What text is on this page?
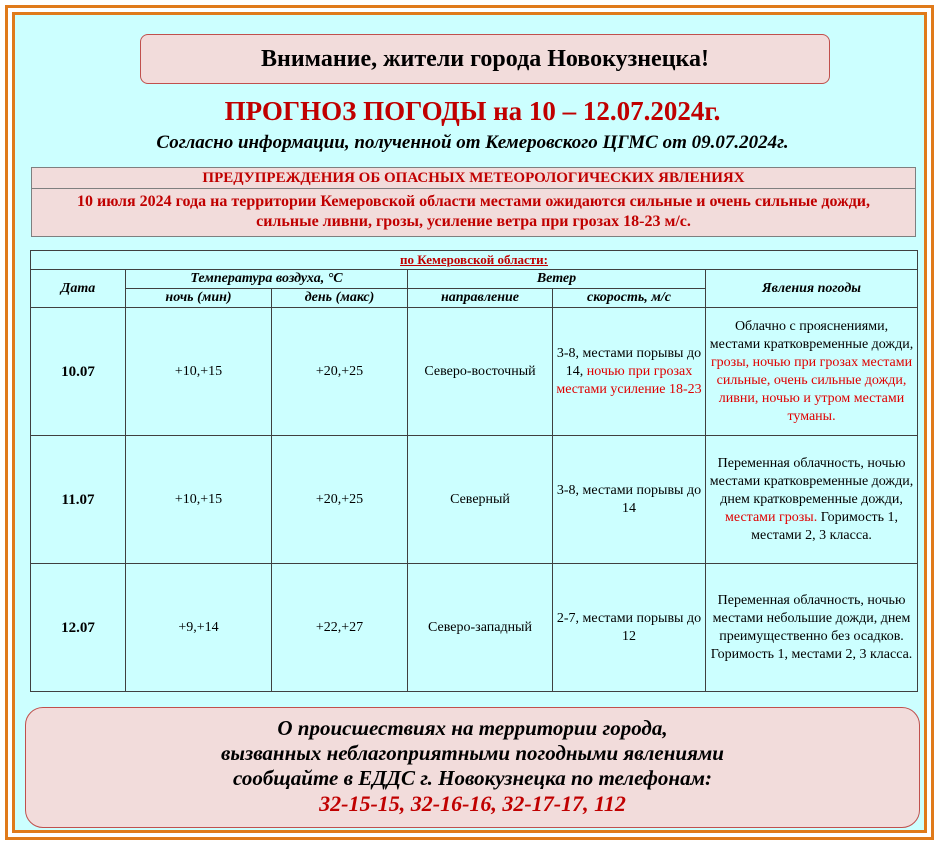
Внимание, жители города Новокузнецка!
ПРОГНОЗ ПОГОДЫ на 10 – 12.07.2024г.
Согласно информации, полученной от Кемеровского ЦГМС от 09.07.2024г.
ПРЕДУПРЕЖДЕНИЯ ОБ ОПАСНЫХ МЕТЕОРОЛОГИЧЕСКИХ ЯВЛЕНИЯХ
10 июля 2024 года на территории Кемеровской области местами ожидаются сильные и очень сильные дожди, сильные ливни, грозы, усиление ветра при грозах 18-23 м/с.
по Кемеровской области:					
Дата	Температура воздуха, °С		Ветер		Явления погоды
	ночь (мин)	день (макс)	направление	скорость, м/с	
10.07	+10,+15	+20,+25	Северо-восточный	3-8, местами порывы до 14, ночью при грозах местами усиление 18-23	Облачно с прояснениями, местами кратковременные дожди, грозы, ночью при грозах местами сильные, очень сильные дожди, ливни, ночью и утром местами туманы.
11.07	+10,+15	+20,+25	Северный	3-8, местами порывы до 14	Переменная облачность, ночью местами кратковременные дожди, днем кратковременные дожди, местами грозы. Горимость 1, местами 2, 3 класса.
12.07	+9,+14	+22,+27	Северо-западный	2-7, местами порывы до 12	Переменная облачность, ночью местами небольшие дожди, днем преимущественно без осадков. Горимость 1, местами 2, 3 класса.
О происшествиях на территории города,
вызванных неблагоприятными погодными явлениями
сообщайте в ЕДДС г. Новокузнецка по телефонам:
32-15-15, 32-16-16, 32-17-17, 112
